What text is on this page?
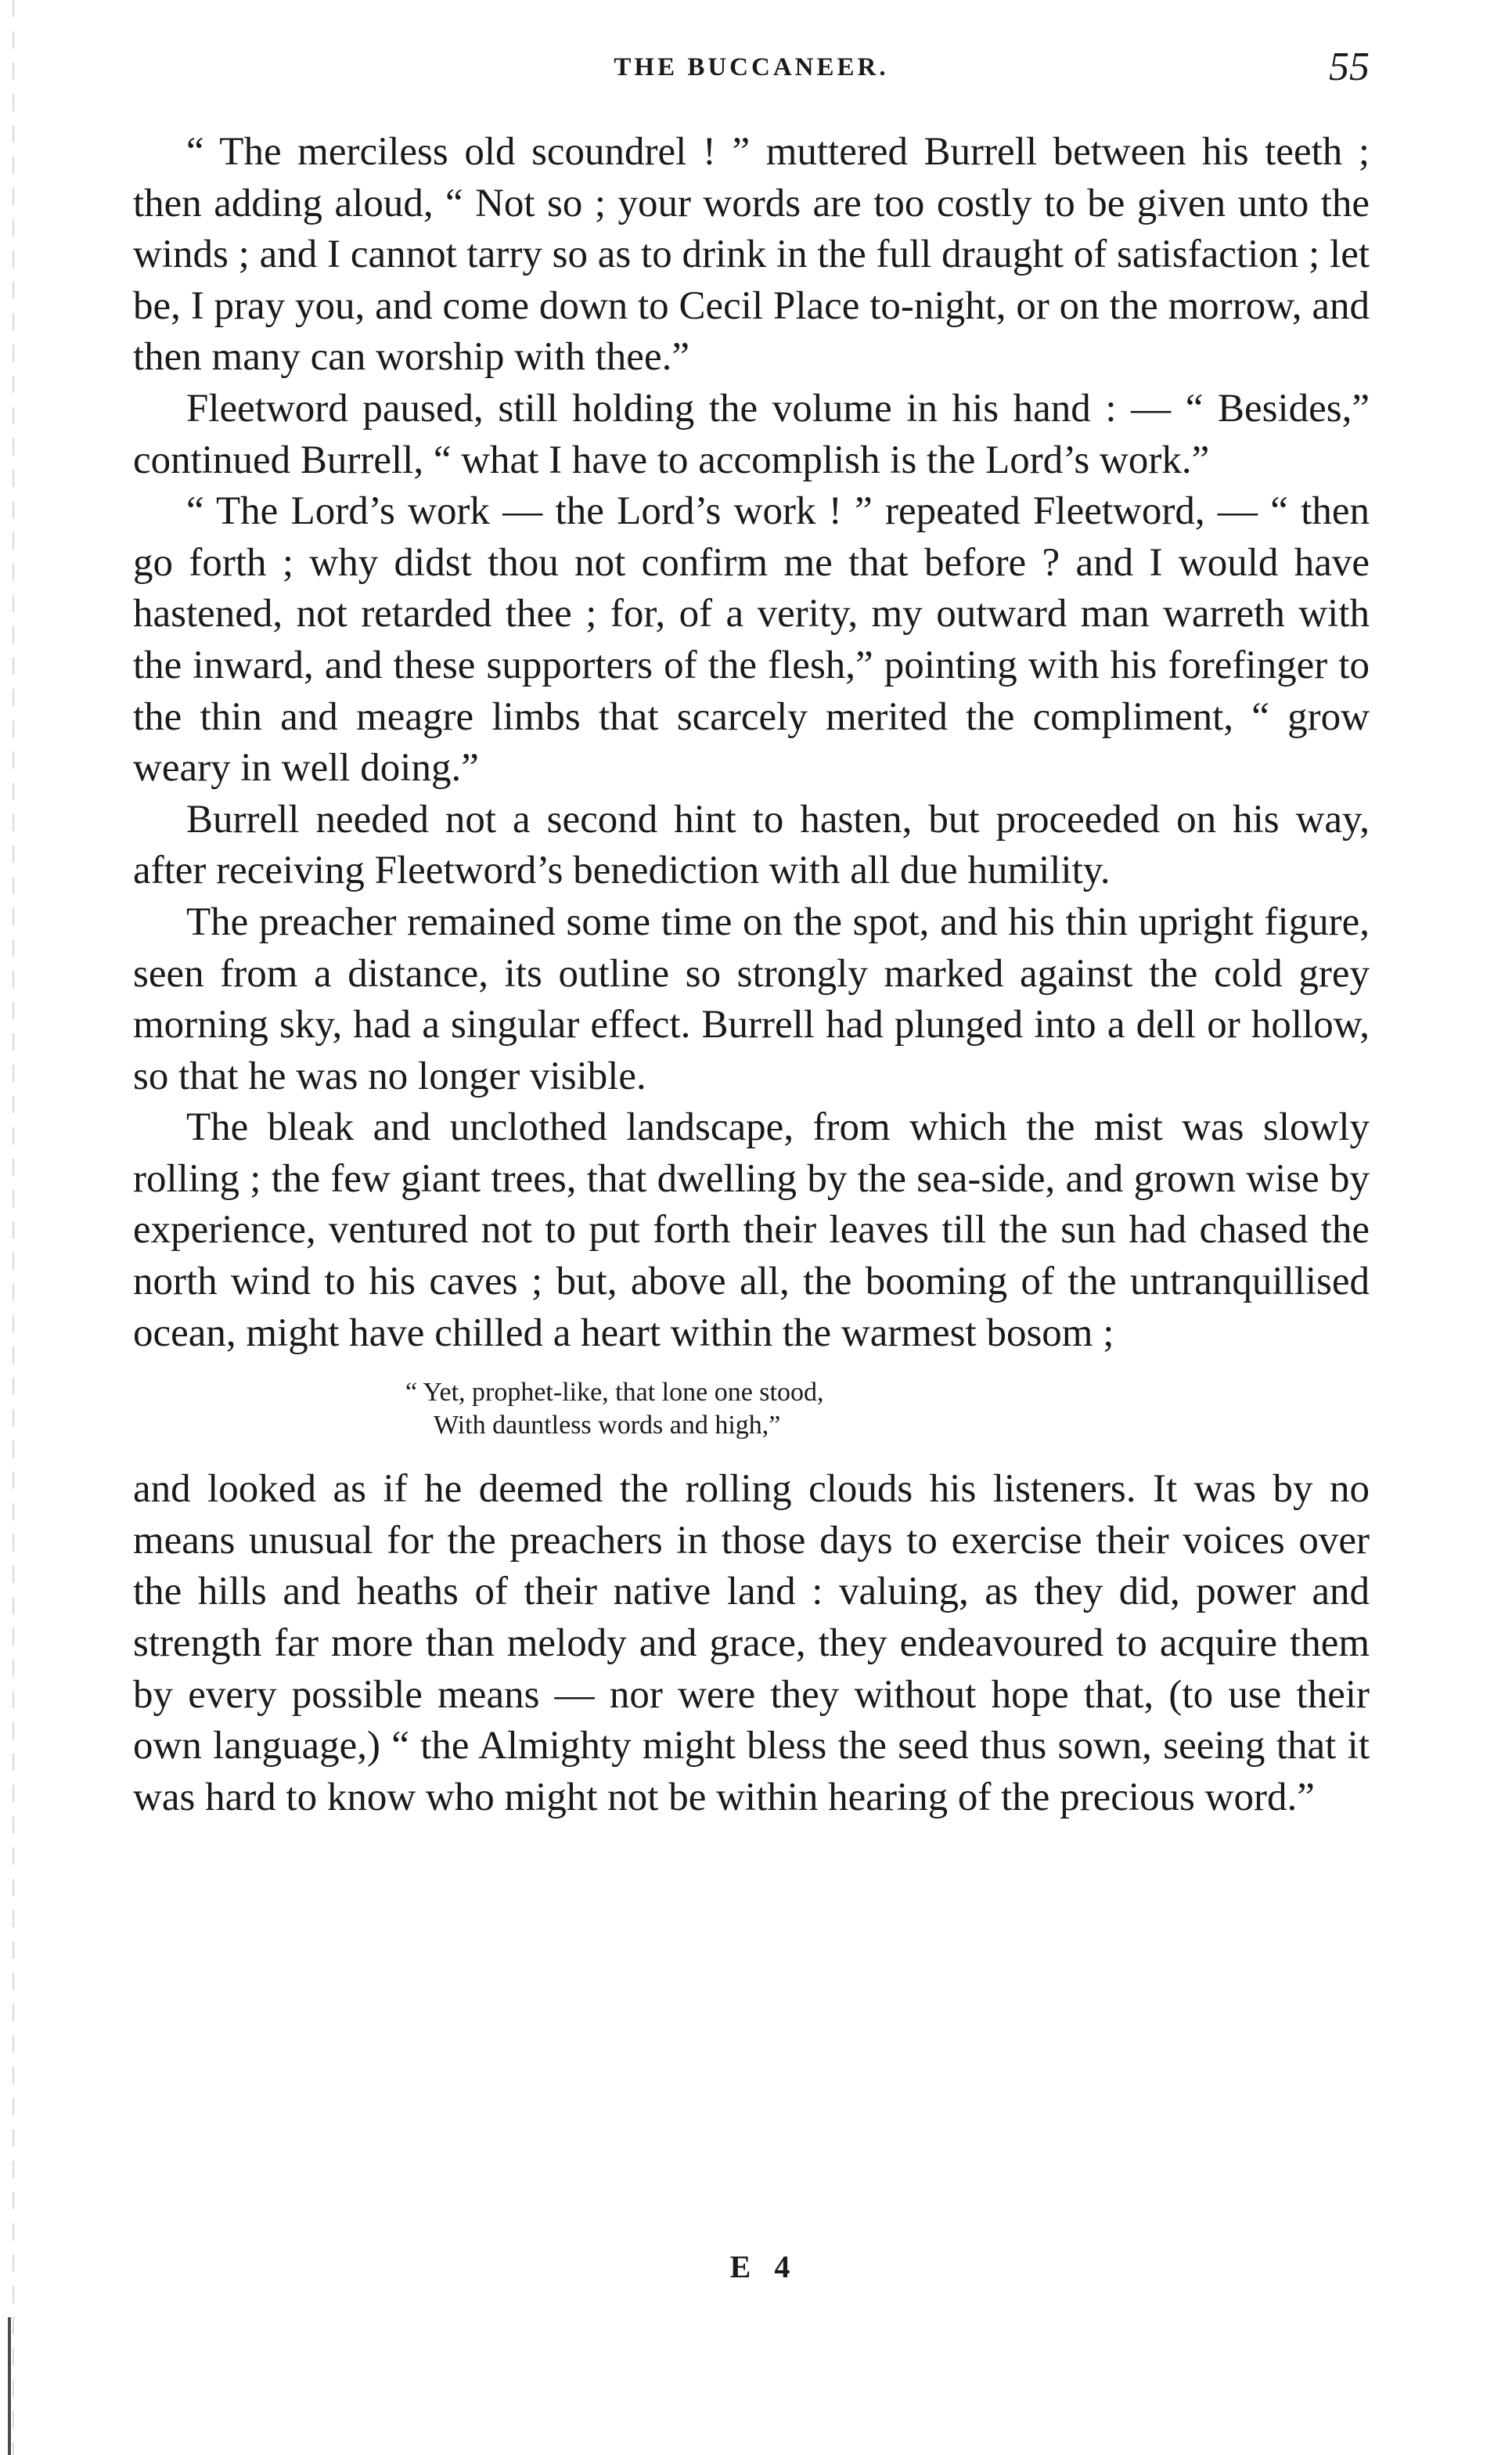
THE BUCCANEER.	55

“ The merciless old scoundrel ! ” muttered Burrell between his teeth ; then adding aloud, “ Not so ; your words are too costly to be given unto the winds ; and I cannot tarry so as to drink in the full draught of satisfaction ; let be, I pray you, and come down to Cecil Place to-night, or on the morrow, and then many can worship with thee.”

Fleetword paused, still holding the volume in his hand : — “ Besides,” continued Burrell, “ what I have to accomplish is the Lord’s work.”

“ The Lord’s work — the Lord’s work ! ” repeated Fleetword, — “ then go forth ; why didst thou not confirm me that before ? and I would have hastened, not retarded thee ; for, of a verity, my outward man warreth with the inward, and these supporters of the flesh,” pointing with his forefinger to the thin and meagre limbs that scarcely merited the compliment, “ grow weary in well doing.”

Burrell needed not a second hint to hasten, but proceeded on his way, after receiving Fleetword’s benediction with all due humility.

The preacher remained some time on the spot, and his thin upright figure, seen from a distance, its outline so strongly marked against the cold grey morning sky, had a singular effect. Burrell had plunged into a dell or hollow, so that he was no longer visible.

The bleak and unclothed landscape, from which the mist was slowly rolling ; the few giant trees, that dwelling by the sea-side, and grown wise by experience, ventured not to put forth their leaves till the sun had chased the north wind to his caves ; but, above all, the booming of the untranquillised ocean, might have chilled a heart within the warmest bosom ;

“ Yet, prophet-like, that lone one stood,
With dauntless words and high,”

and looked as if he deemed the rolling clouds his listeners. It was by no means unusual for the preachers in those days to exercise their voices over the hills and heaths of their native land : valuing, as they did, power and strength far more than melody and grace, they endeavoured to acquire them by every possible means — nor were they without hope that, (to use their own language,) “ the Almighty might bless the seed thus sown, seeing that it was hard to know who might not be within hearing of the precious word.”

E 4
